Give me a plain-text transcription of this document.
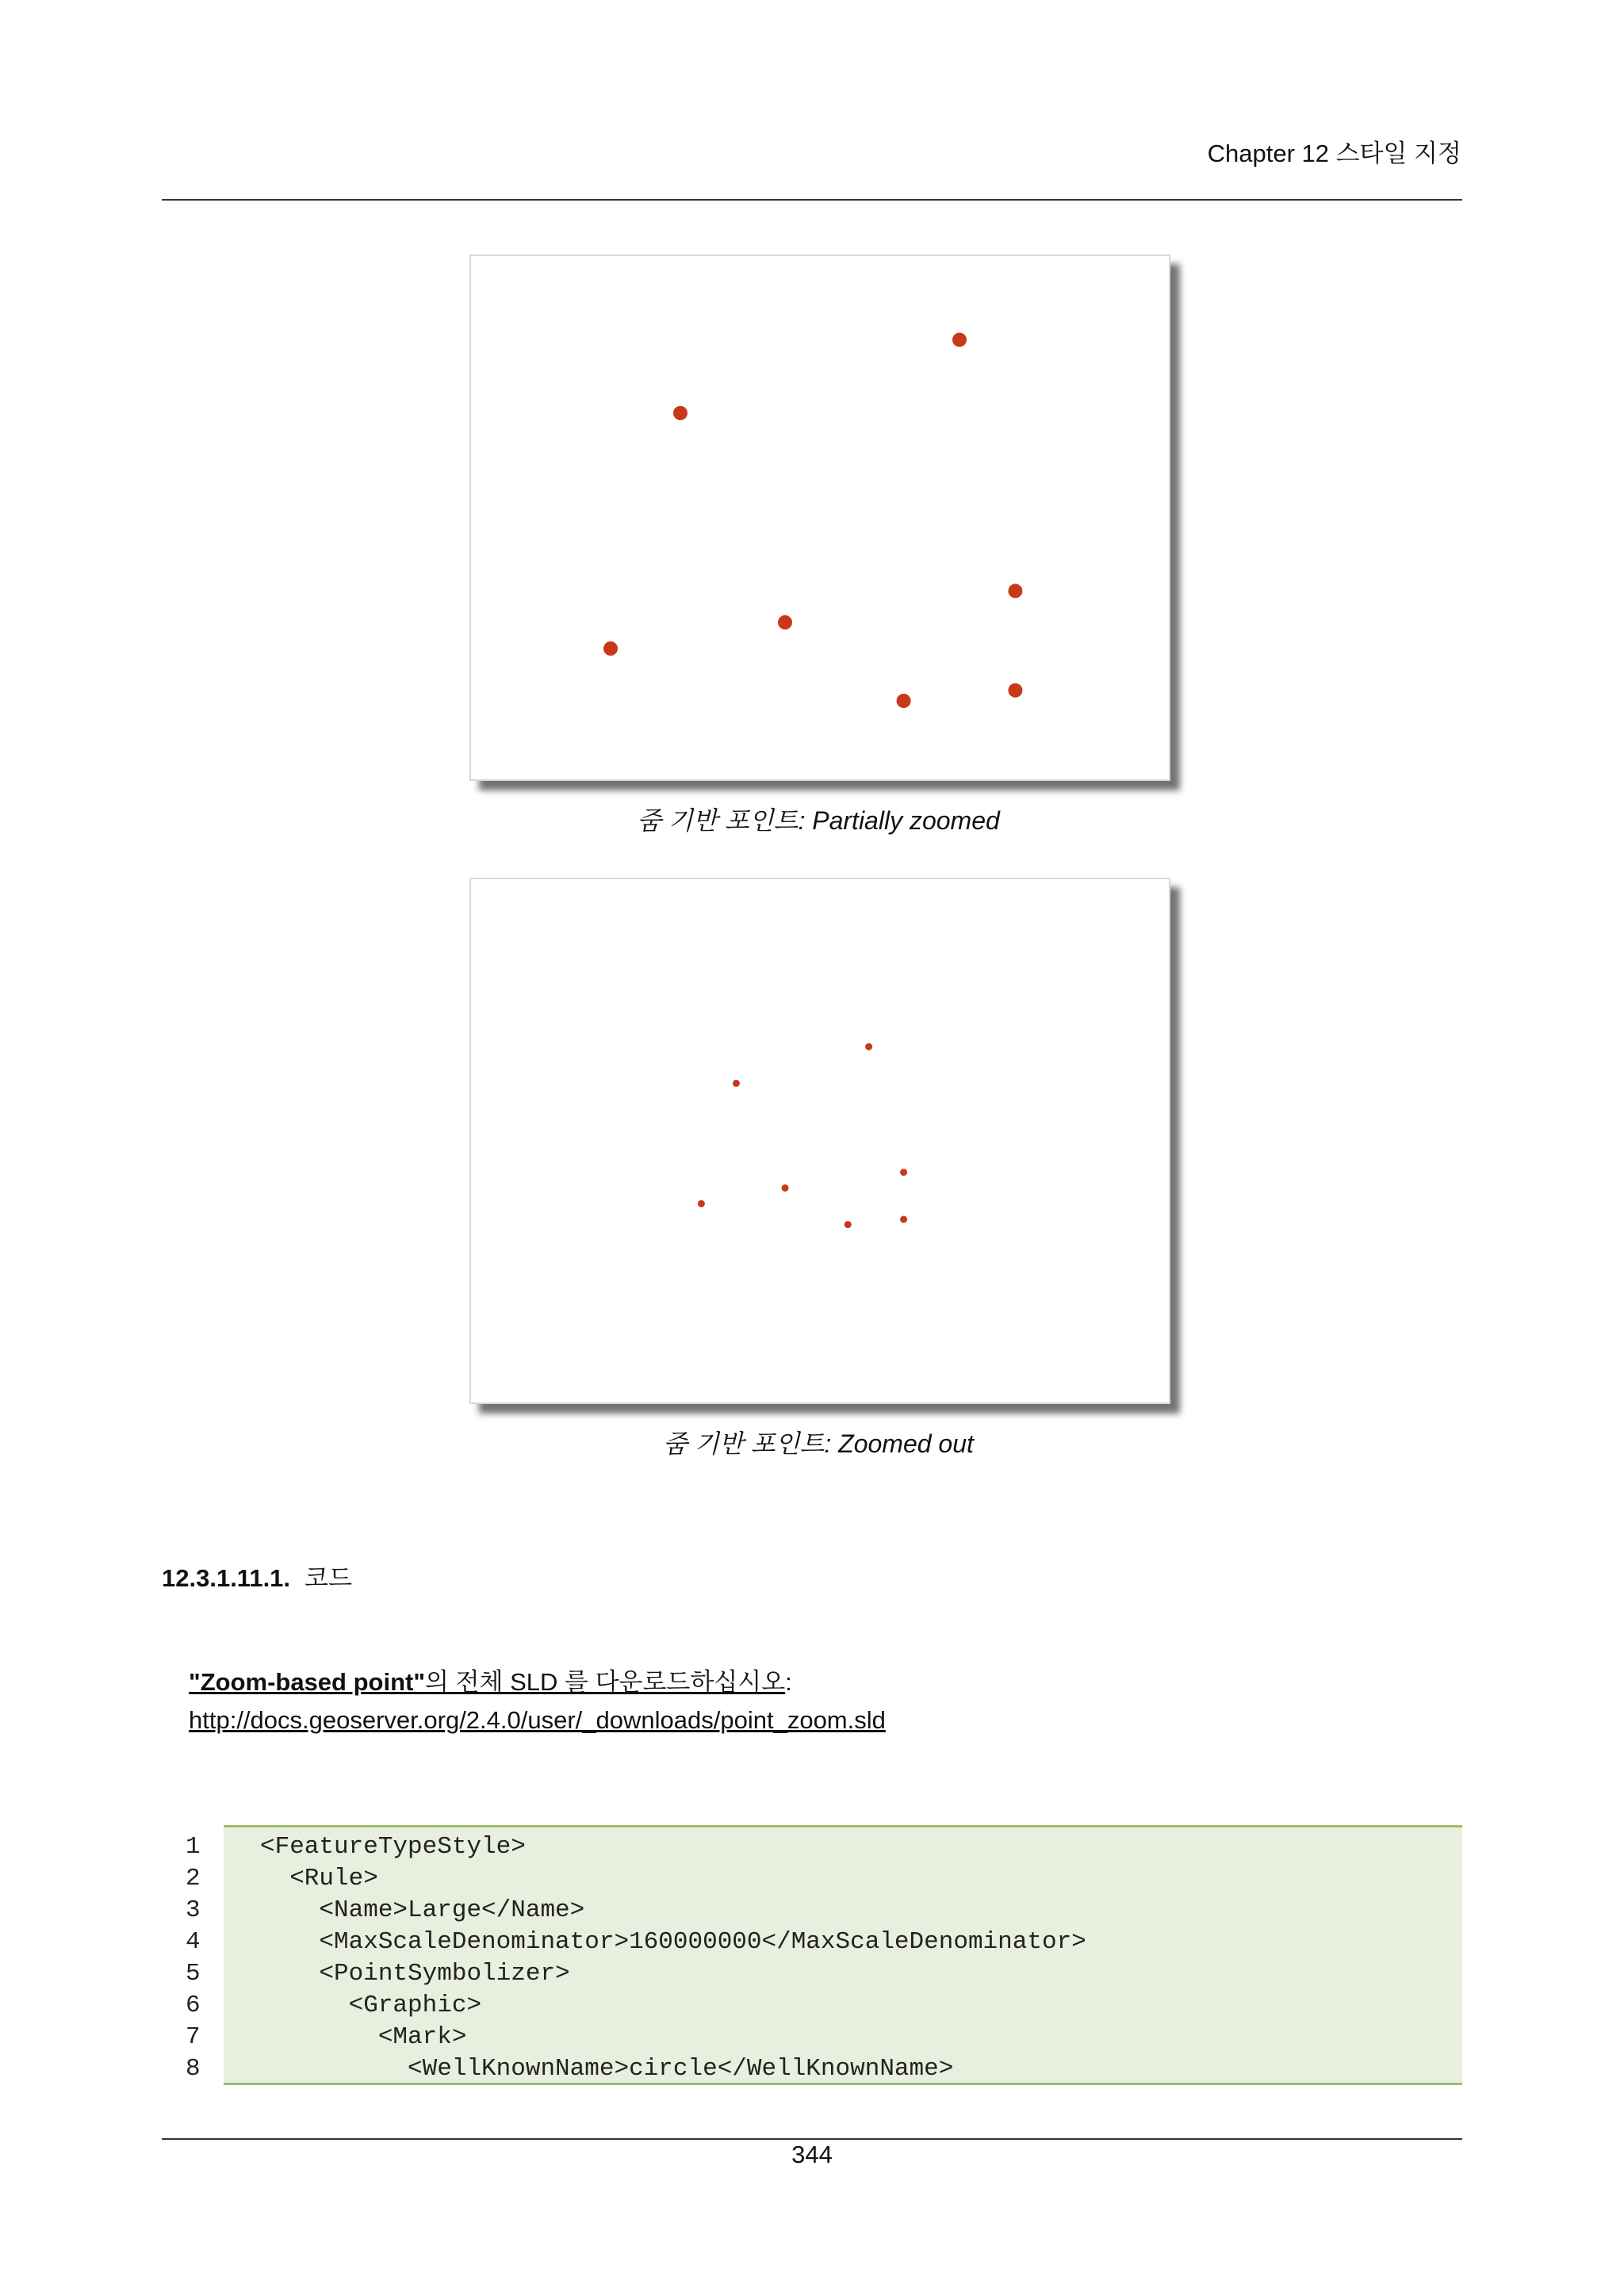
Chapter 12 스타일 지정
줌 기반 포인트: Partially zoomed
줌 기반 포인트: Zoomed out
12.3.1.11.1. 코드
"Zoom-based point"의 전체 SLD 를 다운로드하십시오:
http://docs.geoserver.org/2.4.0/user/_downloads/point_zoom.sld
1	<FeatureTypeStyle>
2	<Rule>
3	<Name>Large</Name>
4	<MaxScaleDenominator>160000000</MaxScaleDenominator>
5	<PointSymbolizer>
6	<Graphic>
7	<Mark>
8	<WellKnownName>circle</WellKnownName>
344
